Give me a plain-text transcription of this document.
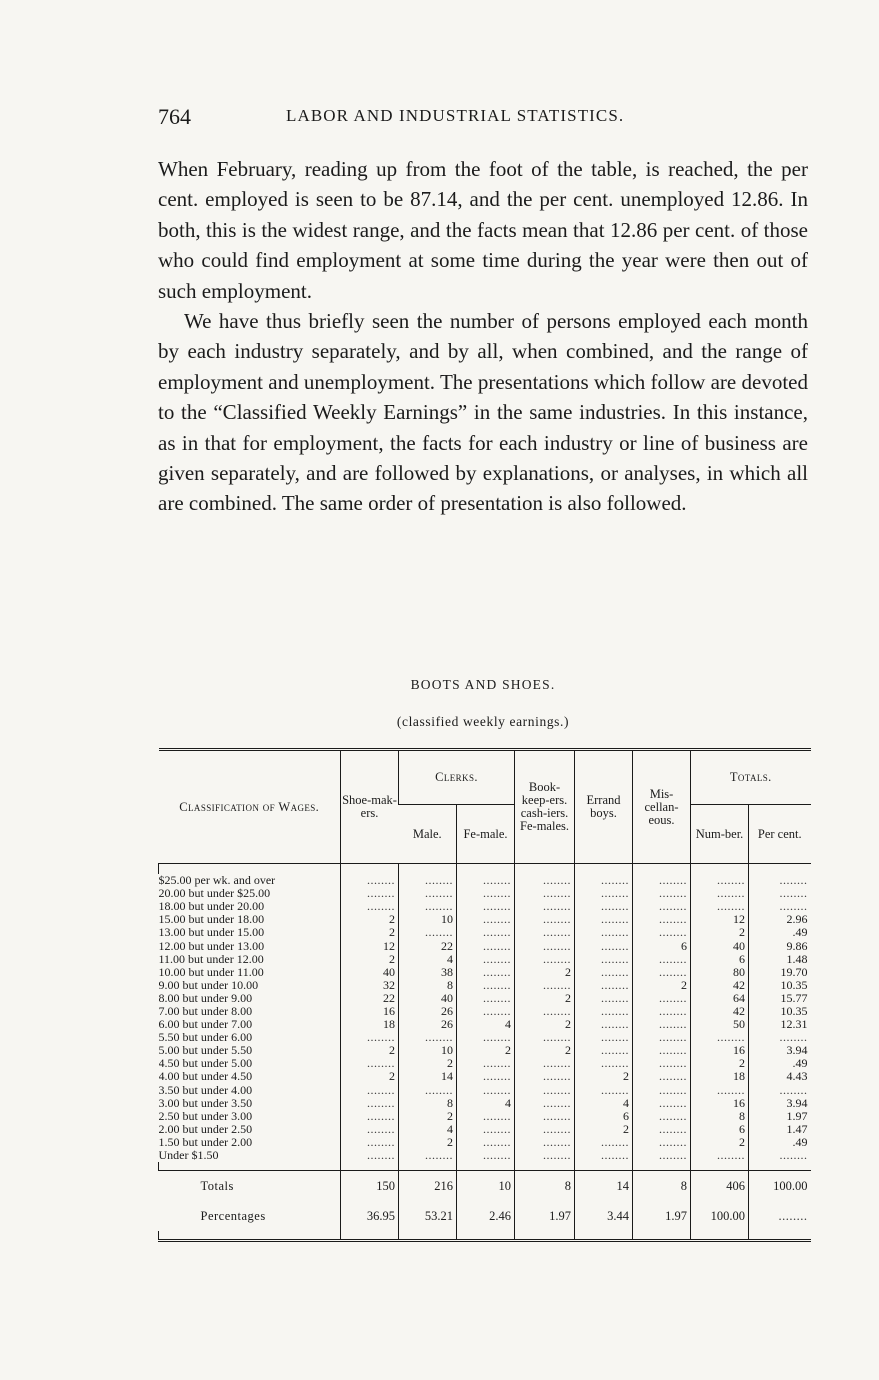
764	LABOR AND INDUSTRIAL STATISTICS.

When February, reading up from the foot of the table, is reached, the per cent. employed is seen to be 87.14, and the per cent. unemployed 12.86. In both, this is the widest range, and the facts mean that 12.86 per cent. of those who could find employment at some time during the year were then out of such employment.

We have thus briefly seen the number of persons employed each month by each industry separately, and by all, when combined, and the range of employment and unemployment. The presentations which follow are devoted to the “Classified Weekly Earnings” in the same industries. In this instance, as in that for employment, the facts for each industry or line of business are given separately, and are followed by explanations, or analyses, in which all are combined. The same order of presentation is also followed.

BOOTS AND SHOES.
(classified weekly earnings.)
Classification of Wages.	Shoe-mak-ers.	Clerks.		Book-keep-ers. cash-iers. Fe-males.	Errand boys.	Mis-cellan-eous.	Totals.	
		Male.	Fe-male.				Num-ber.	Per cent.

$25.00 per wk. and over	........	........	........	........	........	........	........	........
20.00 but under $25.00	........	........	........	........	........	........	........	........
18.00 but under 20.00	........	........	........	........	........	........	........	........
15.00 but under 18.00	2	10	........	........	........	........	12	2.96
13.00 but under 15.00	2	........	........	........	........	........	2	.49
12.00 but under 13.00	12	22	........	........	........	6	40	9.86
11.00 but under 12.00	2	4	........	........	........	........	6	1.48
10.00 but under 11.00	40	38	........	2	........	........	80	19.70
9.00 but under 10.00	32	8	........	........	........	2	42	10.35
8.00 but under 9.00	22	40	........	2	........	........	64	15.77
7.00 but under 8.00	16	26	........	........	........	........	42	10.35
6.00 but under 7.00	18	26	4	2	........	........	50	12.31
5.50 but under 6.00	........	........	........	........	........	........	........	........
5.00 but under 5.50	2	10	2	2	........	........	16	3.94
4.50 but under 5.00	........	2	........	........	........	........	2	.49
4.00 but under 4.50	2	14	........	........	2	........	18	4.43
3.50 but under 4.00	........	........	........	........	........	........	........	........
3.00 but under 3.50	........	8	4	........	4	........	16	3.94
2.50 but under 3.00	........	2	........	........	6	........	8	1.97
2.00 but under 2.50	........	4	........	........	2	........	6	1.47
1.50 but under 2.00	........	2	........	........	........	........	2	.49
Under $1.50	........	........	........	........	........	........	........	........

Totals	150	216	10	8	14	8	406	100.00
Percentages	36.95	53.21	2.46	1.97	3.44	1.97	100.00	........
